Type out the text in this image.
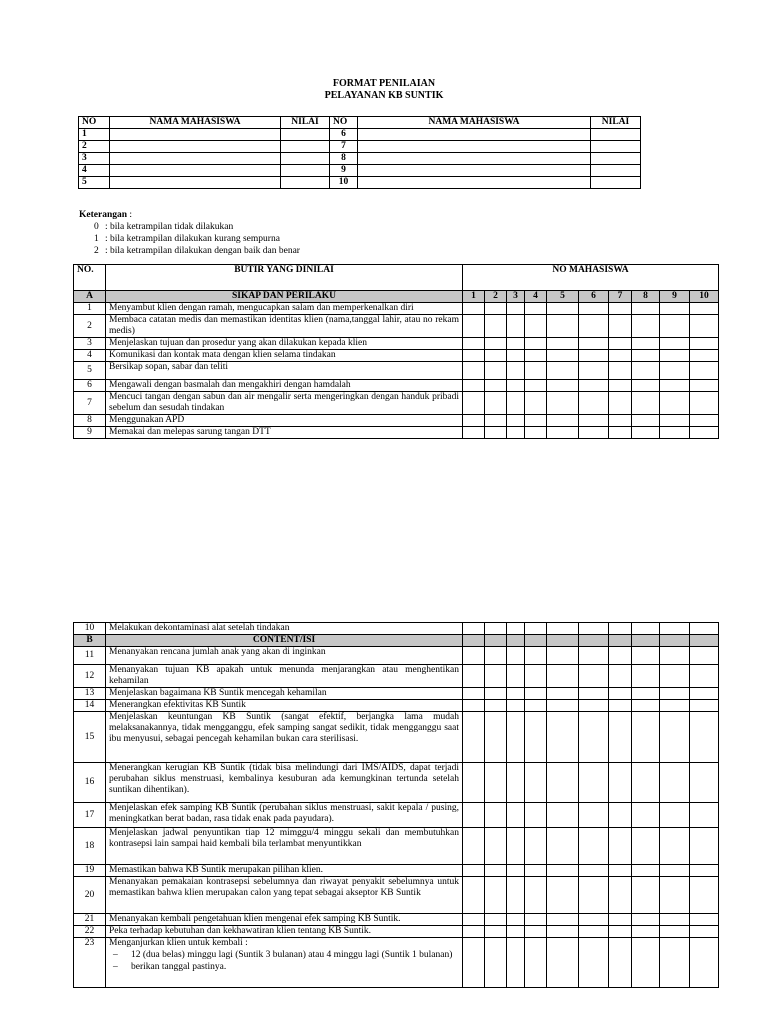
FORMAT PENILAIAN
PELAYANAN KB SUNTIK
NO	NAMA MAHASISWA	NILAI	NO	NAMA MAHASISWA	NILAI
1			6		
2			7		
3			8		
4			9		
5			10		
Keterangan :
0 : bila ketrampilan tidak dilakukan
1 : bila ketrampilan dilakukan kurang sempurna
2 : bila ketrampilan dilakukan dengan baik dan benar
NO.	BUTIR YANG DINILAI	NO MAHASISWA									
A	SIKAP DAN PERILAKU	1	2	3	4	5	6	7	8	9	10
1	Menyambut klien dengan ramah, mengucapkan salam dan memperkenalkan diri										
2	Membaca catatan medis dan memastikan identitas klien (nama,tanggal lahir, atau no rekam medis)										
3	Menjelaskan tujuan dan prosedur yang akan dilakukan kepada klien										
4	Komunikasi dan kontak mata dengan klien selama tindakan										
5	Bersikap sopan, sabar dan teliti										
6	Mengawali dengan basmalah dan mengakhiri dengan hamdalah										
7	Mencuci tangan dengan sabun dan air mengalir serta mengeringkan dengan handuk pribadi sebelum dan sesudah tindakan										
8	Menggunakan APD										
9	Memakai dan melepas sarung tangan DTT										
10	Melakukan dekontaminasi alat setelah tindakan										
B	CONTENT/ISI										
11	Menanyakan rencana jumlah anak yang akan di inginkan										
12	Menanyakan tujuan KB apakah untuk menunda menjarangkan atau menghentikan kehamilan										
13	Menjelaskan bagaimana KB Suntik mencegah kehamilan										
14	Menerangkan efektivitas KB Suntik										
15	Menjelaskan keuntungan KB Suntik (sangat efektif, berjangka lama mudah melaksanakannya, tidak mengganggu, efek samping sangat sedikit, tidak mengganggu saat ibu menyusui, sebagai pencegah kehamilan bukan cara sterilisasi.										
16	Menerangkan kerugian KB Suntik (tidak bisa melindungi dari IMS/AIDS, dapat terjadi perubahan siklus menstruasi, kembalinya kesuburan ada kemungkinan tertunda setelah suntikan dihentikan).										
17	Menjelaskan efek samping KB Suntik (perubahan siklus menstruasi, sakit kepala / pusing, meningkatkan berat badan, rasa tidak enak pada payudara).										
18	Menjelaskan jadwal penyuntikan tiap 12 mimggu/4 minggu sekali dan membutuhkan kontrasepsi lain sampai haid kembali bila terlambat menyuntikkan										
19	Memastikan bahwa KB Suntik merupakan pilihan klien.										
20	Menanyakan pemakaian kontrasepsi sebelumnya dan riwayat penyakit sebelumnya untuk memastikan bahwa klien merupakan calon yang tepat sebagai akseptor KB Suntik										
21	Menanyakan kembali pengetahuan klien mengenai efek samping KB Suntik.										
22	Peka terhadap kebutuhan dan kekhawatiran klien tentang KB Suntik.										
23	Menganjurkan klien untuk kembali :
– 12 (dua belas) minggu lagi (Suntik 3 bulanan) atau 4 minggu lagi (Suntik 1 bulanan)
– berikan tanggal pastinya.										
